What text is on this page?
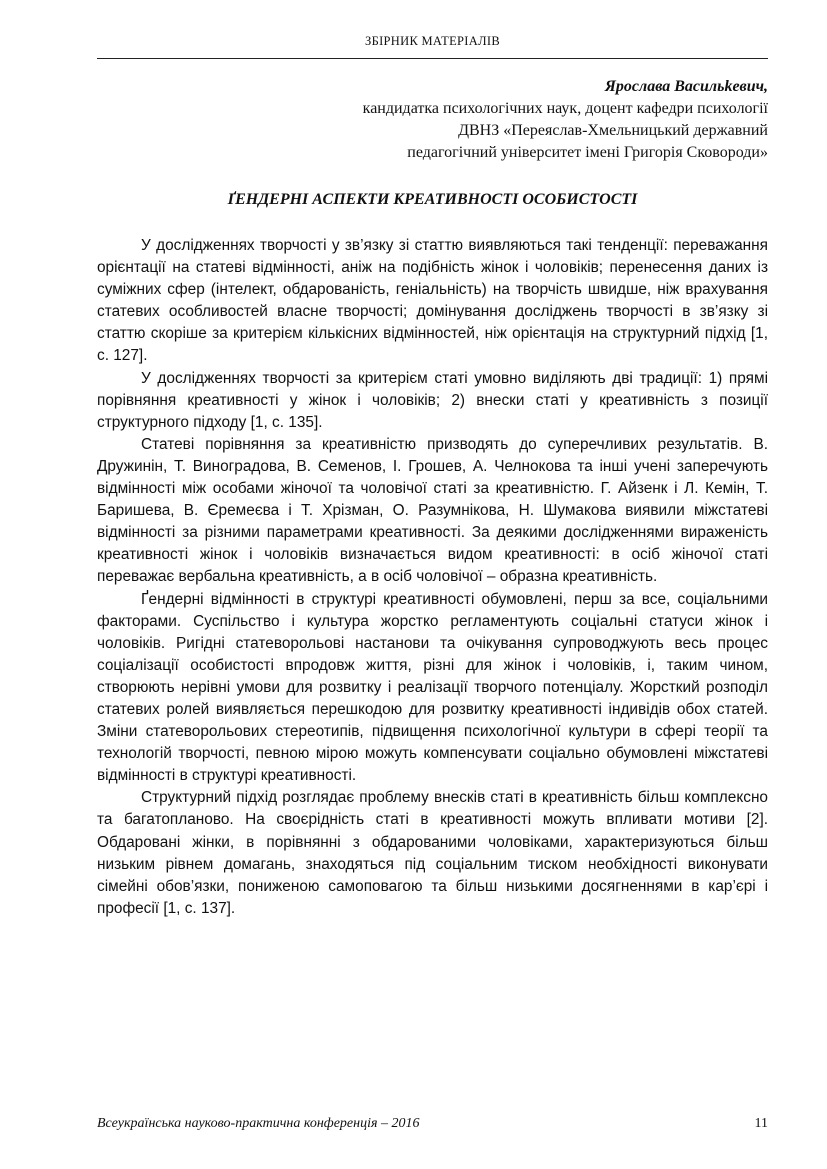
ЗБІРНИК МАТЕРІАЛІВ
Ярослава Васильkевич,
кандидатка психологічних наук, доцент кафедри психології
ДВНЗ «Переяслав-Хмельницький державний
педагогічний університет імені Григорія Сковороди»
ҐЕНДЕРНІ АСПЕКТИ КРЕАТИВНОСТІ ОСОБИСТОСТІ

У дослідженнях творчості у зв’язку зі статтю виявляються такі тенденції: переважання орієнтації на статеві відмінності, аніж на подібність жінок і чоловіків; перенесення даних із суміжних сфер (інтелект, обдарованість, геніальність) на творчість швидше, ніж врахування статевих особливостей власне творчості; домінування досліджень творчості в зв’язку зі статтю скоріше за критерієм кількісних відмінностей, ніж орієнтація на структурний підхід [1, с. 127].

У дослідженнях творчості за критерієм статі умовно виділяють дві традиції: 1) прямі порівняння креативності у жінок і чоловіків; 2) внески статі у креативність з позиції структурного підходу [1, с. 135].

Статеві порівняння за креативністю призводять до суперечливих результатів. В. Дружинін, Т. Виноградова, В. Семенов, І. Грошев, А. Челнокова та інші учені заперечують відмінності між особами жіночої та чоловічої статі за креативністю. Г. Айзенк і Л. Кемін, Т. Баришева, В. Єремеєва і Т. Хрізман, О. Разумнікова, Н. Шумакова виявили міжстатеві відмінності за різними параметрами креативності. За деякими дослідженнями вираженість креативності жінок і чоловіків визначається видом креативності: в осіб жіночої статі переважає вербальна креативність, а в осіб чоловічої – образна креативність.

Ґендерні відмінності в структурі креативності обумовлені, перш за все, соціальними факторами. Суспільство і культура жорстко регламентують соціальні статуси жінок і чоловіків. Ригідні статеворольові настанови та очікування супроводжують весь процес соціалізації особистості впродовж життя, різні для жінок і чоловіків, і, таким чином, створюють нерівні умови для розвитку і реалізації творчого потенціалу. Жорсткий розподіл статевих ролей виявляється перешкодою для розвитку креативності індивідів обох статей. Зміни статеворольових стереотипів, підвищення психологічної культури в сфері теорії та технологій творчості, певною мірою можуть компенсувати соціально обумовлені міжстатеві відмінності в структурі креативності.

Структурний підхід розглядає проблему внесків статі в креативність більш комплексно та багатопланово. На своєрідність статі в креативності можуть впливати мотиви [2]. Обдаровані жінки, в порівнянні з обдарованими чоловіками, характеризуються більш низьким рівнем домагань, знаходяться під соціальним тиском необхідності виконувати сімейні обов’язки, пониженою самоповагою та більш низькими досягненнями в кар’єрі і професії [1, с. 137].

Всеукраїнська науково-практична конференція – 2016	11
